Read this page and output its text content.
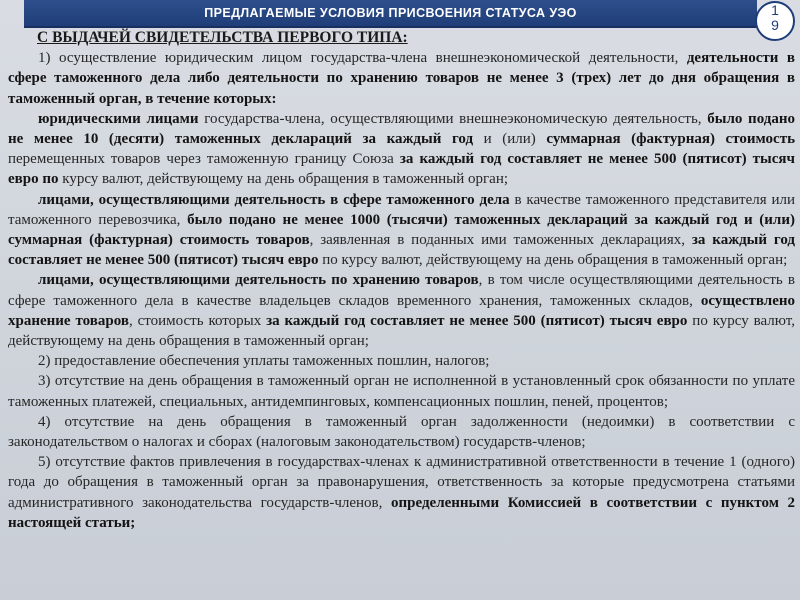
ПРЕДЛАГАЕМЫЕ УСЛОВИЯ ПРИСВОЕНИЯ СТАТУСА УЭО	1
9
С ВЫДАЧЕЙ СВИДЕТЕЛЬСТВА ПЕРВОГО ТИПА:

1) осуществление юридическим лицом государства-члена внешнеэкономической деятельности, деятельности в сфере таможенного дела либо деятельности по хранению товаров не менее 3 (трех) лет до дня обращения в таможенный орган, в течение которых:

юридическими лицами государства-члена, осуществляющими внешнеэкономическую деятельность, было подано не менее 10 (десяти) таможенных деклараций за каждый год и (или) суммарная (фактурная) стоимость перемещенных товаров через таможенную границу Союза за каждый год составляет не менее 500 (пятисот) тысяч евро по курсу валют, действующему на день обращения в таможенный орган;

лицами, осуществляющими деятельность в сфере таможенного дела в качестве таможенного представителя или таможенного перевозчика, было подано не менее 1000 (тысячи) таможенных деклараций за каждый год и (или) суммарная (фактурная) стоимость товаров, заявленная в поданных ими таможенных декларациях, за каждый год составляет не менее 500 (пятисот) тысяч евро по курсу валют, действующему на день обращения в таможенный орган;

лицами, осуществляющими деятельность по хранению товаров, в том числе осуществляющими деятельность в сфере таможенного дела в качестве владельцев складов временного хранения, таможенных складов, осуществлено хранение товаров, стоимость которых за каждый год составляет не менее 500 (пятисот) тысяч евро по курсу валют, действующему на день обращения в таможенный орган;

2) предоставление обеспечения уплаты таможенных пошлин, налогов;

3) отсутствие на день обращения в таможенный орган не исполненной в установленный срок обязанности по уплате таможенных платежей, специальных, антидемпинговых, компенсационных пошлин, пеней, процентов;

4) отсутствие на день обращения в таможенный орган задолженности (недоимки) в соответствии с законодательством о налогах и сборах (налоговым законодательством) государств-членов;

5) отсутствие фактов привлечения в государствах-членах к административной ответственности в течение 1 (одного) года до обращения в таможенный орган за правонарушения, ответственность за которые предусмотрена статьями административного законодательства государств-членов, определенными Комиссией в соответствии с пунктом 2 настоящей статьи;
